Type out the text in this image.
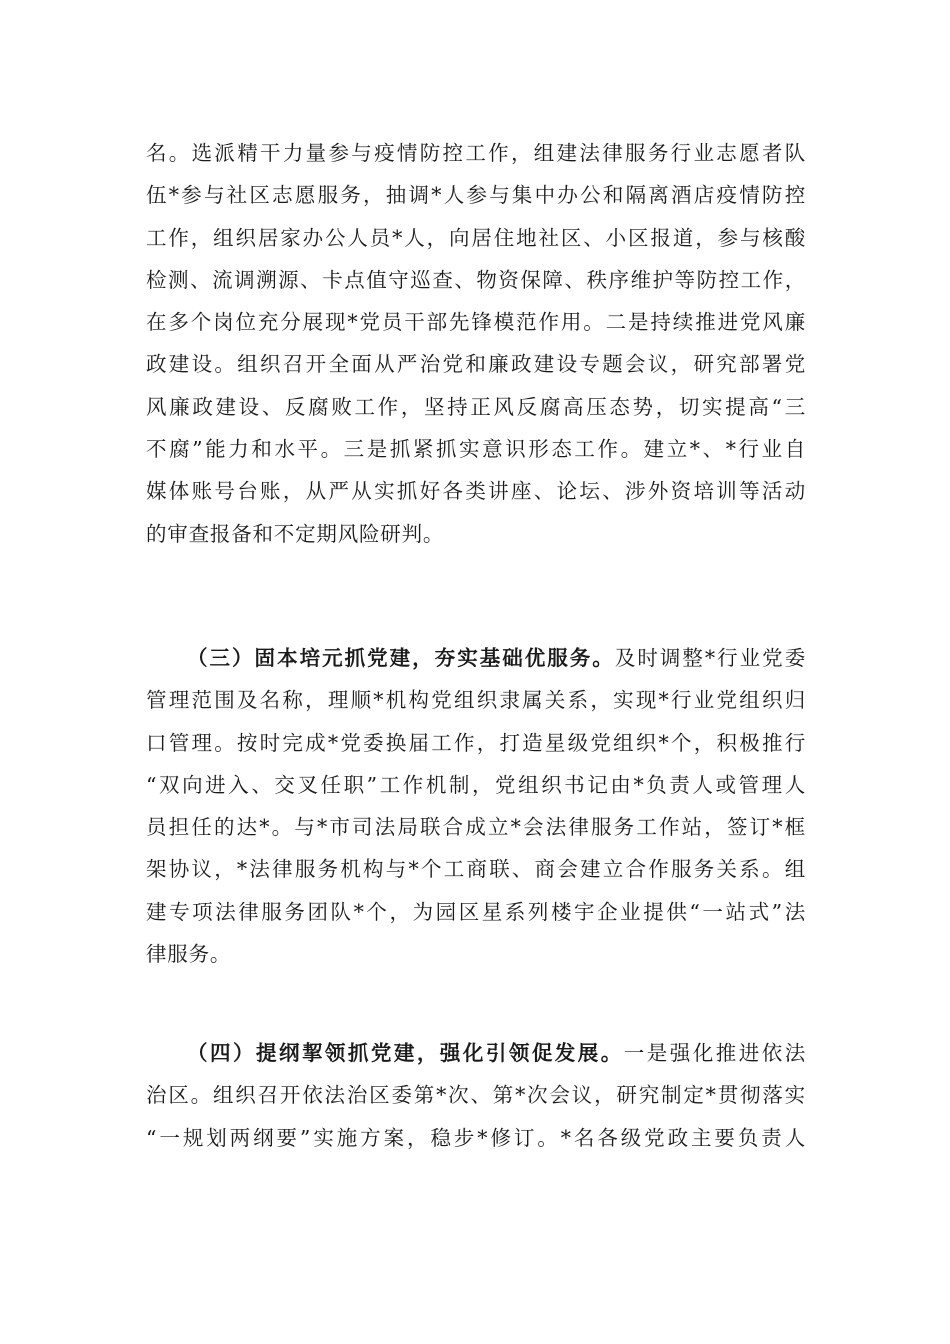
名。选派精干力量参与疫情防控工作，组建法律服务行业志愿者队
伍*参与社区志愿服务，抽调*人参与集中办公和隔离酒店疫情防控
工作，组织居家办公人员*人，向居住地社区、小区报道，参与核酸
检测、流调溯源、卡点值守巡查、物资保障、秩序维护等防控工作，
在多个岗位充分展现*党员干部先锋模范作用。二是持续推进党风廉
政建设。组织召开全面从严治党和廉政建设专题会议，研究部署党
风廉政建设、反腐败工作，坚持正风反腐高压态势，切实提高“三
不腐”能力和水平。三是抓紧抓实意识形态工作。建立*、*行业自
媒体账号台账，从严从实抓好各类讲座、论坛、涉外资培训等活动
的审查报备和不定期风险研判。
（三）固本培元抓党建，夯实基础优服务。及时调整*行业党委
管理范围及名称，理顺*机构党组织隶属关系，实现*行业党组织归
口管理。按时完成*党委换届工作，打造星级党组织*个，积极推行
“双向进入、交叉任职”工作机制，党组织书记由*负责人或管理人
员担任的达*。与*市司法局联合成立*会法律服务工作站，签订*框
架协议，*法律服务机构与*个工商联、商会建立合作服务关系。组
建专项法律服务团队*个，为园区星系列楼宇企业提供“一站式”法
律服务。
（四）提纲挈领抓党建，强化引领促发展。一是强化推进依法
治区。组织召开依法治区委第*次、第*次会议，研究制定*贯彻落实
“一规划两纲要”实施方案，稳步*修订。*名各级党政主要负责人
